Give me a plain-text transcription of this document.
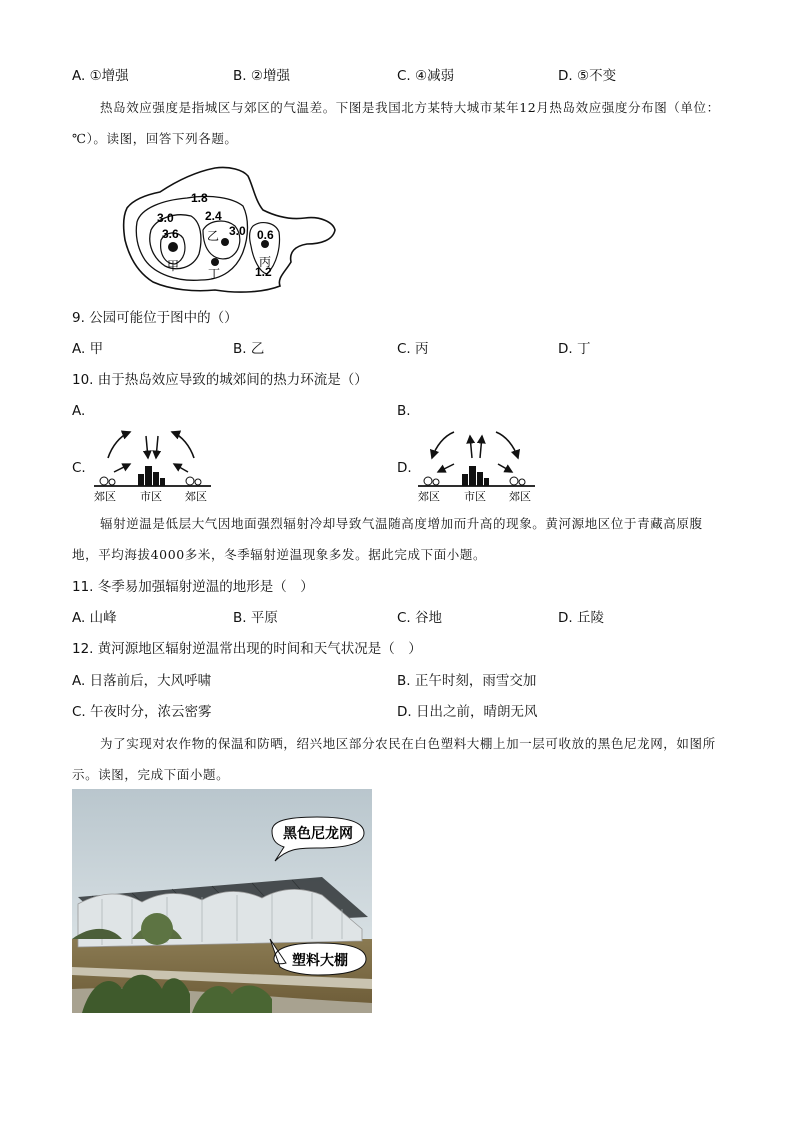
A. ①增强	B. ②增强	C. ④减弱	D. ⑤不变
热岛效应强度是指城区与郊区的气温差。下图是我国北方某特大城市某年12月热岛效应强度分布图（单位：℃）。读图，回答下列各题。
1.8
2.4
3.0
3.6	3.0 0.6
1.2
甲
乙
丙
丁
9. 公园可能位于图中的（）
A. 甲	B. 乙	C. 丙	D. 丁
10. 由于热岛效应导致的城郊间的热力环流是（）
A.	B.
C.	D.
郊区 市区 郊区	郊区 市区 郊区
辐射逆温是低层大气因地面强烈辐射冷却导致气温随高度增加而升高的现象。黄河源地区位于青藏高原腹地，平均海拔4000多米，冬季辐射逆温现象多发。据此完成下面小题。
11. 冬季易加强辐射逆温的地形是（　）
A. 山峰	B. 平原	C. 谷地	D. 丘陵
12. 黄河源地区辐射逆温常出现的时间和天气状况是（　）
A. 日落前后，大风呼啸	B. 正午时刻，雨雪交加
C. 午夜时分，浓云密雾	D. 日出之前，晴朗无风
为了实现对农作物的保温和防晒，绍兴地区部分农民在白色塑料大棚上加一层可收放的黑色尼龙网，如图所示。读图，完成下面小题。
黑色尼龙网
塑料大棚
